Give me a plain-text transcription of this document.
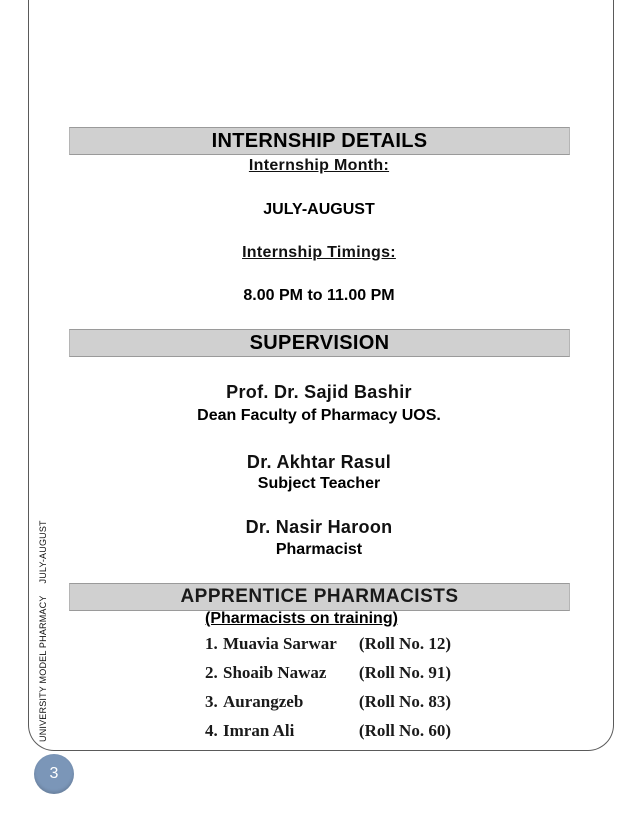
UNIVERSITY MODEL PHARMACYJULY-AUGUST
3
INTERNSHIP DETAILS
Internship Month:
JULY-AUGUST
Internship Timings:
8.00 PM to 11.00 PM
SUPERVISION
Prof. Dr. Sajid Bashir
Dean Faculty of Pharmacy UOS.
Dr. Akhtar Rasul
Subject Teacher
Dr. Nasir Haroon
Pharmacist
APPRENTICE PHARMACISTS
(Pharmacists on training)
1. Muavia Sarwar (Roll No. 12)
2. Shoaib Nawaz (Roll No. 91)
3. Aurangzeb	(Roll No. 83)
4. Imran Ali	(Roll No. 60)
